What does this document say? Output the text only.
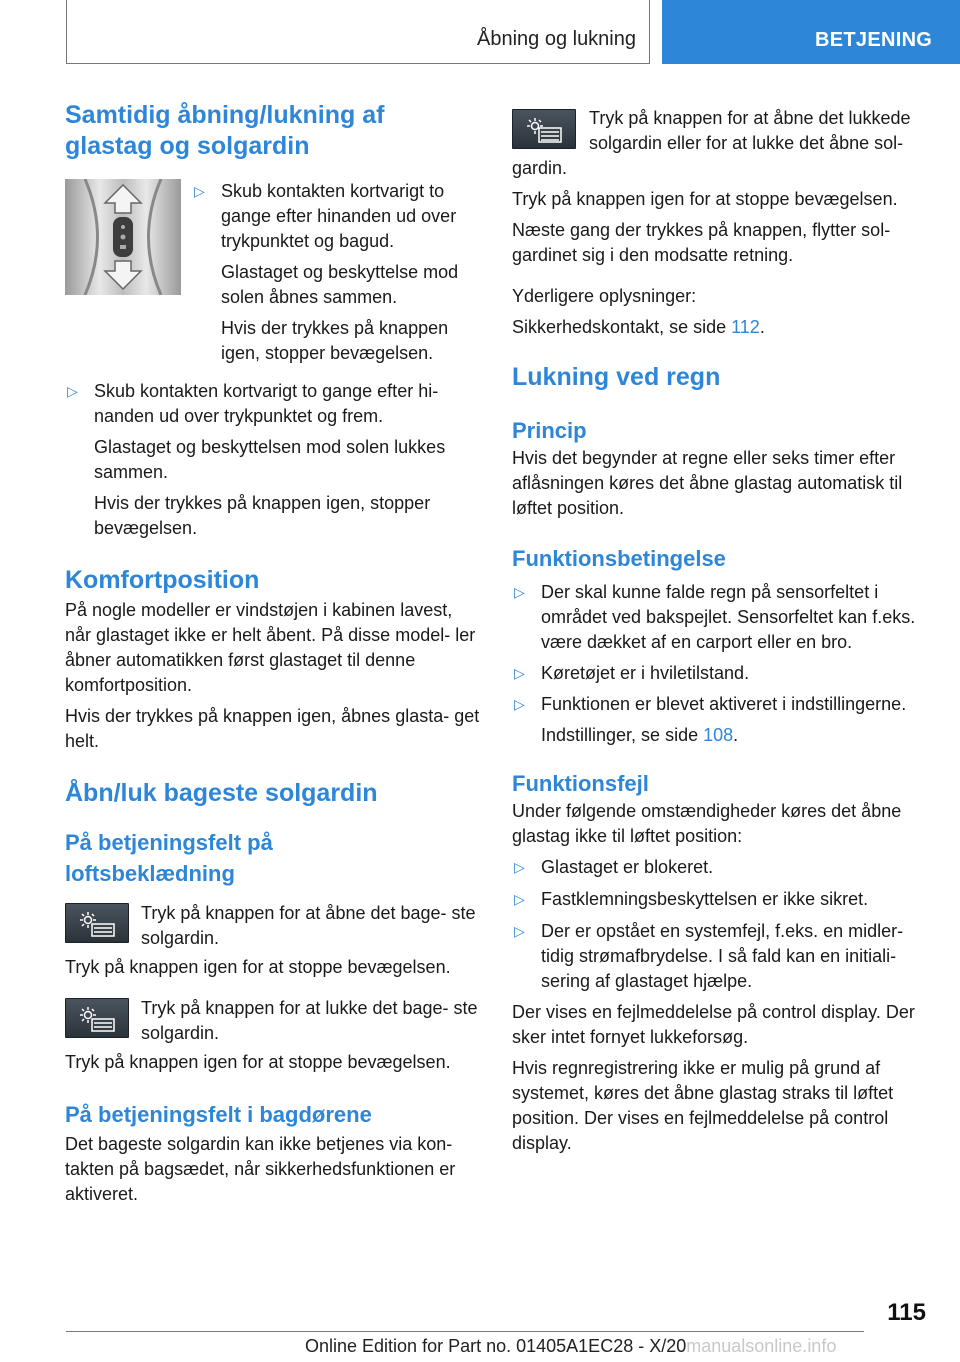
Åbning og lukning	BETJENING
Samtidig åbning/lukning af glastag og solgardin
▷ Skub kontakten kortvarigt to gange efter hinanden ud over trykpunktet og bagud.

Glastaget og beskyttelse mod solen åbnes sammen.

Hvis der trykkes på knappen igen, stopper bevægelsen.

▷ Skub kontakten kortvarigt to gange efter hi- nanden ud over trykpunktet og frem.

Glastaget og beskyttelsen mod solen lukkes sammen.

Hvis der trykkes på knappen igen, stopper bevægelsen.

Komfortposition

På nogle modeller er vindstøjen i kabinen lavest, når glastaget ikke er helt åbent. På disse model- ler åbner automatikken først glastaget til denne komfortposition.

Hvis der trykkes på knappen igen, åbnes glasta- get helt.

Åbn/luk bageste solgardin
På betjeningsfelt på loftsbeklædning

Tryk på knappen for at åbne det bage- ste solgardin.

Tryk på knappen igen for at stoppe bevægelsen.

Tryk på knappen for at lukke det bage- ste solgardin.

Tryk på knappen igen for at stoppe bevægelsen.

På betjeningsfelt i bagdørene

Det bageste solgardin kan ikke betjenes via kon- takten på bagsædet, når sikkerhedsfunktionen er aktiveret.

Tryk på knappen for at åbne det lukkede solgardin eller for at lukke det åbne sol- gardin.

Tryk på knappen igen for at stoppe bevægelsen.

Næste gang der trykkes på knappen, flytter sol- gardinet sig i den modsatte retning.

Yderligere oplysninger:

Sikkerhedskontakt, se side 112.

Lukning ved regn
Princip

Hvis det begynder at regne eller seks timer efter aflåsningen køres det åbne glastag automatisk til løftet position.

Funktionsbetingelse
▷ Der skal kunne falde regn på sensorfeltet i området ved bakspejlet. Sensorfeltet kan f.eks. være dækket af en carport eller en bro.

▷ Køretøjet er i hviletilstand.

▷ Funktionen er blevet aktiveret i indstillingerne.

Indstillinger, se side 108.

Funktionsfejl

Under følgende omstændigheder køres det åbne glastag ikke til løftet position:

▷ Glastaget er blokeret.

▷ Fastklemningsbeskyttelsen er ikke sikret.

▷ Der er opstået en systemfejl, f.eks. en midler- tidig strømafbrydelse. I så fald kan en initiali- sering af glastaget hjælpe.

Der vises en fejlmeddelelse på control display. Der sker intet fornyet lukkeforsøg.

Hvis regnregistrering ikke er mulig på grund af systemet, køres det åbne glastag straks til løftet position. Der vises en fejlmeddelelse på control display.

115
Online Edition for Part no. 01405A1EC28 - X/20manualsonline.info
